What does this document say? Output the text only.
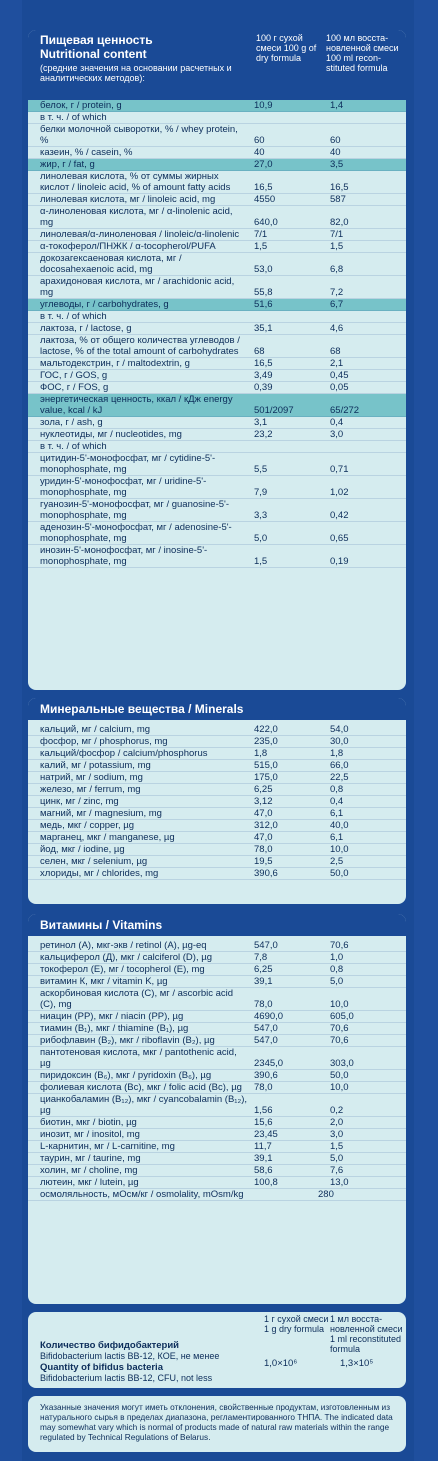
Пищевая ценность
Nutritional content
(средние значения на основании расчетных и аналитических методов):
100 г сухой смеси 100 g of dry formula
100 мл восста-новленной смеси 100 ml recon-stituted formula
белок, г / protein, g	10,9	1,4
в т. ч. / of which
белки молочной сыворотки, % / whey protein, %	60	60
казеин, % / casein, %	40	40
жир, г / fat, g	27,0	3,5
линолевая кислота, % от суммы жирных кислот / linoleic acid, % of amount fatty acids	16,5	16,5
линолевая кислота, мг / linoleic acid, mg	4550	587
α-линоленовая кислота, мг / α-linolenic acid, mg	640,0	82,0
линолевая/α-линоленовая / linoleic/α-linolenic	7/1	7/1
α-токоферол/ПНЖК / α-tocopherol/PUFA	1,5	1,5
докозагексаеновая кислота, мг / docosahexaenoic acid, mg	53,0	6,8
арахидоновая кислота, мг / arachidonic acid, mg	55,8	7,2
углеводы, г / carbohydrates, g	51,6	6,7
в т. ч. / of which
лактоза, г / lactose, g	35,1	4,6
лактоза, % от общего количества углеводов / lactose, % of the total amount of carbohydrates	68	68
мальтодекстрин, г / maltodextrin, g	16,5	2,1
ГОС, г / GOS, g	3,49	0,45
ФОС, г / FOS, g	0,39	0,05
энергетическая ценность, ккал / кДж energy value, kcal / kJ	501/2097	65/272
зола, г / ash, g	3,1	0,4
нуклеотиды, мг / nucleotides, mg	23,2	3,0
в т. ч. / of which
цитидин-5'-монофосфат, мг / cytidine-5'-monophosphate, mg	5,5	0,71
уридин-5'-монофосфат, мг / uridine-5'-monophosphate, mg	7,9	1,02
гуанозин-5'-монофосфат, мг / guanosine-5'-monophosphate, mg	3,3	0,42
аденозин-5'-монофосфат, мг / adenosine-5'-monophosphate, mg	5,0	0,65
инозин-5'-монофосфат, мг / inosine-5'-monophosphate, mg	1,5	0,19
Минеральные вещества / Minerals
кальций, мг / calcium, mg	422,0	54,0
фосфор, мг / phosphorus, mg	235,0	30,0
кальций/фосфор / calcium/phosphorus	1,8	1,8
калий, мг / potassium, mg	515,0	66,0
натрий, мг / sodium, mg	175,0	22,5
железо, мг / ferrum, mg	6,25	0,8
цинк, мг / zinc, mg	3,12	0,4
магний, мг / magnesium, mg	47,0	6,1
медь, мкг / copper, µg	312,0	40,0
марганец, мкг / manganese, µg	47,0	6,1
йод, мкг / iodine, µg	78,0	10,0
селен, мкг / selenium, µg	19,5	2,5
хлориды, мг / chlorides, mg	390,6	50,0
Витамины / Vitamins
ретинол (А), мкг-экв / retinol (А), µg-eq	547,0	70,6
кальциферол (Д), мкг / calciferol (D), µg	7,8	1,0
токоферол (Е), мг / tocopherol (E), mg	6,25	0,8
витамин К, мкг / vitamin K, µg	39,1	5,0
аскорбиновая кислота (С), мг / ascorbic acid (C), mg	78,0	10,0
ниацин (РР), мкг / niacin (PP), µg	4690,0	605,0
тиамин (B₁), мкг / thiamine (B₁), µg	547,0	70,6
рибофлавин (B₂), мкг / riboflavin (B₂), µg	547,0	70,6
пантотеновая кислота, мкг / pantothenic acid, µg	2345,0	303,0
пиридоксин (B₆), мкг / pyridoxin (B₆), µg	390,6	50,0
фолиевая кислота (Bс), мкг / folic acid (Bс), µg	78,0	10,0
цианкобаламин (B₁₂), мкг / cyancobalamin (B₁₂), µg	1,56	0,2
биотин, мкг / biotin, µg	15,6	2,0
инозит, мг / inositol, mg	23,45	3,0
L-карнитин, мг / L-carnitine, mg	11,7	1,5
таурин, мг / taurine, mg	39,1	5,0
холин, мг / choline, mg	58,6	7,6
лютеин, мкг / lutein, µg	100,8	13,0
осмоляльность, мОсм/кг / osmolality, mOsm/kg	280
1 г сухой смеси 1 g dry formula
1 мл восста-новленной смеси 1 ml reconstituted formula
Количество бифидобактерий
Bifidobacterium lactis BB-12, КОЕ, не менее
Quantity of bifidus bacteria
Bifidobacterium lactis BB-12, CFU, not less
1,0×10⁶	1,3×10⁵
Указанные значения могут иметь отклонения, свойственные продуктам, изготовленным из натурального сырья в пределах диапазона, регламентированного ТНПА. The indicated data may somewhat vary which is normal of products made of natural raw materials within the range regulated by Technical Regulations of Belarus.
